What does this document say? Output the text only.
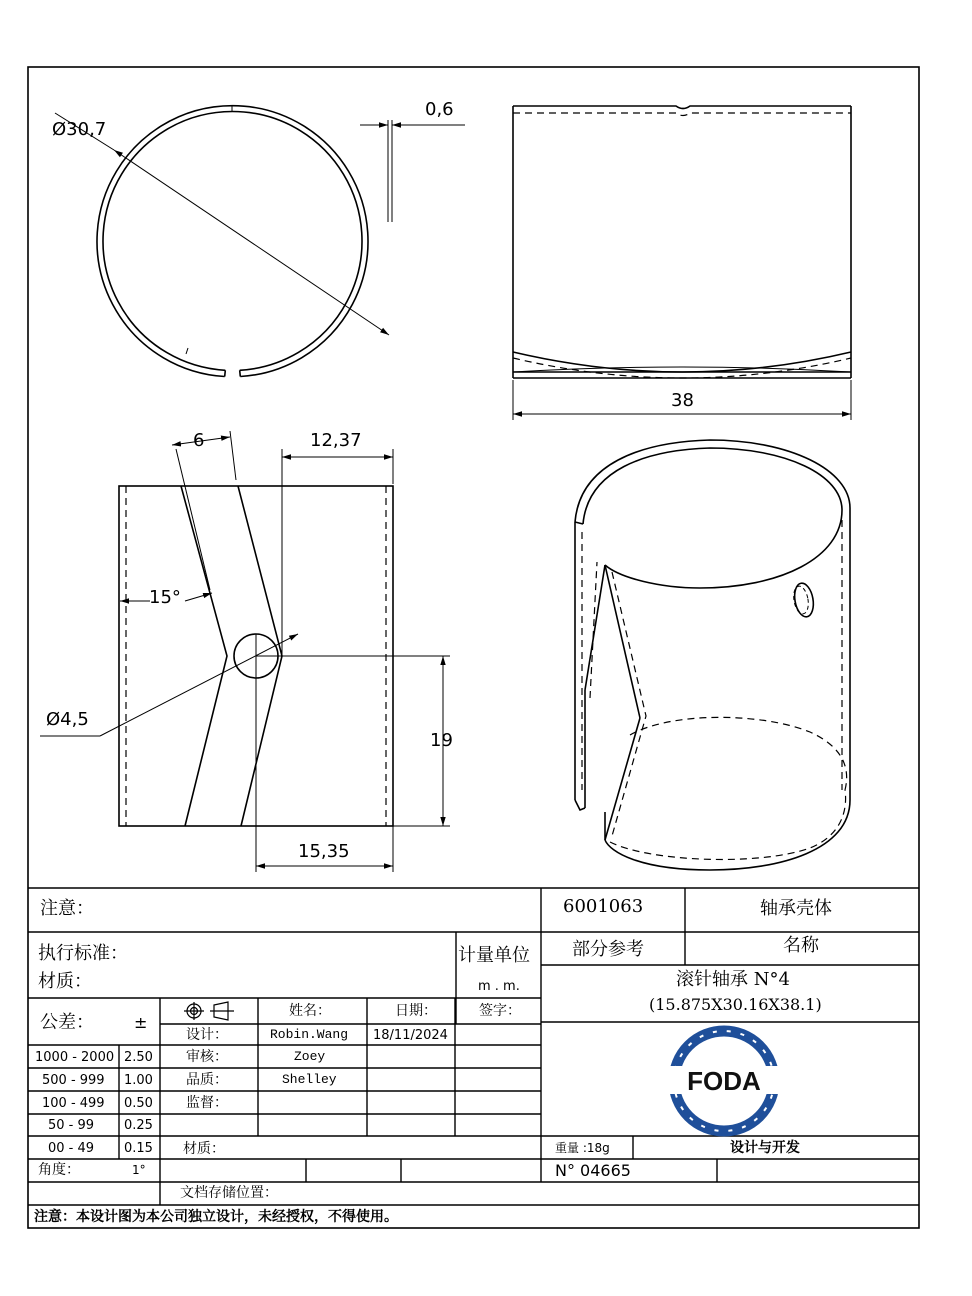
FODA
Ø30,7
0,6
38
6	12,37
15°
Ø4,5
19
15,35
注意：	6001063	轴承壳体
执行标准：
材质：
计量单位
m . m.
部分参考	名称
滚针轴承 N°4
(15.875X30.16X38.1)
公差：	±
姓名：	日期：	签字：
1000 - 2000 2.50
500 - 999 1.00
100 - 499 0.50
50 - 99 0.25
00 - 49 0.15
设计：	Robin.Wang 18/11/2024
审核：	Zoey
品质：	Shelley
监督：
材质：
角度：	1°
文档存储位置：
重量 :18g	设计与开发
N° 04665
注意：本设计图为本公司独立设计，未经授权，不得使用。
